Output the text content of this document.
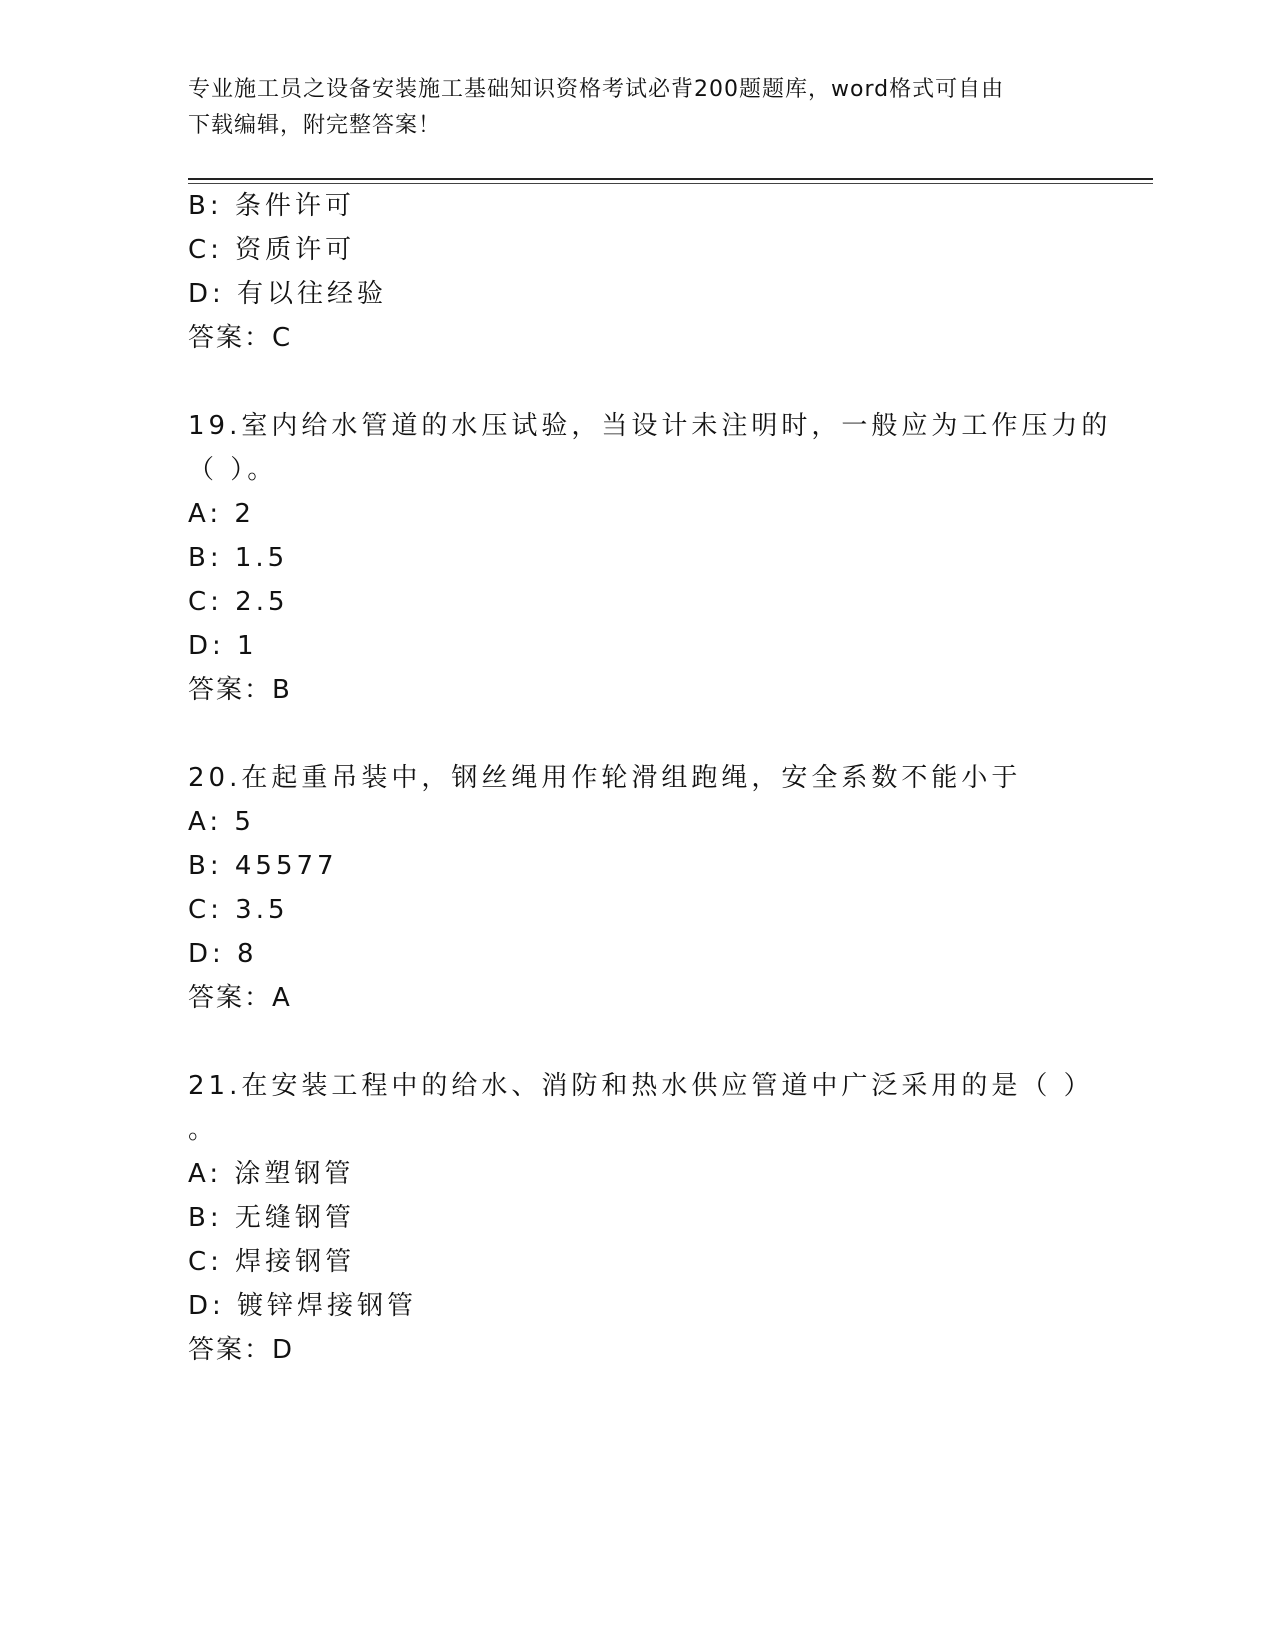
专业施工员之设备安装施工基础知识资格考试必背200题题库，word格式可自由
下载编辑，附完整答案！
B: 条件许可
C: 资质许可
D: 有以往经验
答案：C
19.室内给水管道的水压试验，当设计未注明时，一般应为工作压力的
（ ）。
A: 2
B: 1.5
C: 2.5
D: 1
答案：B
20.在起重吊装中，钢丝绳用作轮滑组跑绳，安全系数不能小于
A: 5
B: 45577
C: 3.5
D: 8
答案：A
21.在安装工程中的给水、消防和热水供应管道中广泛采用的是（ ）
。
A: 涂塑钢管
B: 无缝钢管
C: 焊接钢管
D: 镀锌焊接钢管
答案：D
